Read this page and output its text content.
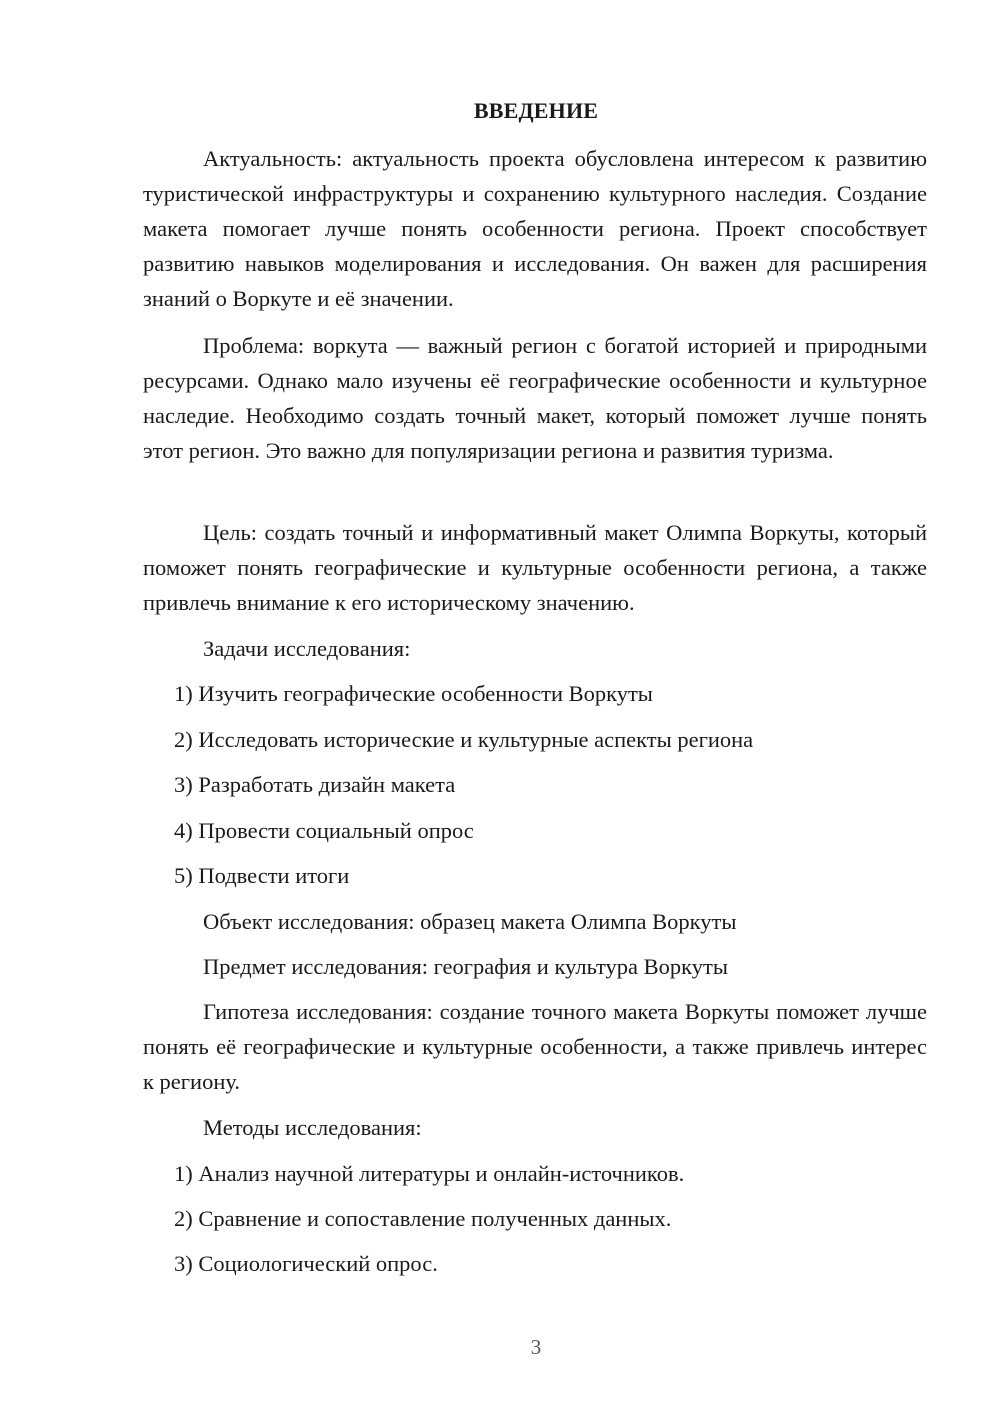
ВВЕДЕНИЕ

Актуальность: актуальность проекта обусловлена интересом к развитию туристической инфраструктуры и сохранению культурного наследия. Создание макета помогает лучше понять особенности региона. Проект способствует развитию навыков моделирования и исследования. Он важен для расширения знаний о Воркуте и её значении.

Проблема: воркута — важный регион с богатой историей и природными ресурсами. Однако мало изучены её географические особенности и культурное наследие. Необходимо создать точный макет, который поможет лучше понять этот регион. Это важно для популяризации региона и развития туризма.

Цель: создать точный и информативный макет Олимпа Воркуты, который поможет понять географические и культурные особенности региона, а также привлечь внимание к его историческому значению.

Задачи исследования:
1) Изучить географические особенности Воркуты
2) Исследовать исторические и культурные аспекты региона
3) Разработать дизайн макета
4) Провести социальный опрос
5) Подвести итоги
Объект исследования: образец макета Олимпа Воркуты
Предмет исследования: география и культура Воркуты

Гипотеза исследования: создание точного макета Воркуты поможет лучше понять её географические и культурные особенности, а также привлечь интерес к региону.

Методы исследования:
1) Анализ научной литературы и онлайн-источников.
2) Сравнение и сопоставление полученных данных.
3) Социологический опрос.
3
